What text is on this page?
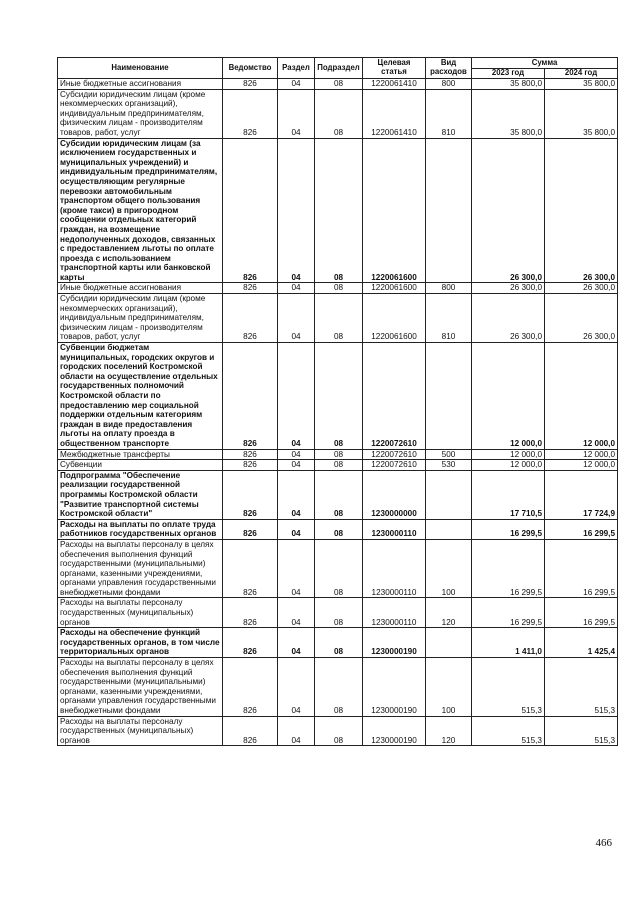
Наименование	Ведомство	Раздел	Подраздел	Целевая статья	Вид расходов	Сумма	
						2023 год	2024 год
Иные бюджетные ассигнования	826	04	08	1220061410	800	35 800,0	35 800,0
Субсидии юридическим лицам (кроме некоммерческих организаций), индивидуальным предпринимателям, физическим лицам - производителям товаров, работ, услуг	826	04	08	1220061410	810	35 800,0	35 800,0
Субсидии юридическим лицам (за исключением государственных и муниципальных учреждений) и индивидуальным предпринимателям, осуществляющим регулярные перевозки автомобильным транспортом общего пользования (кроме такси) в пригородном сообщении отдельных категорий граждан, на возмещение недополученных доходов, связанных с предоставлением льготы по оплате проезда с использованием транспортной карты или банковской карты	826	04	08	1220061600		26 300,0	26 300,0
Иные бюджетные ассигнования	826	04	08	1220061600	800	26 300,0	26 300,0
Субсидии юридическим лицам (кроме некоммерческих организаций), индивидуальным предпринимателям, физическим лицам - производителям товаров, работ, услуг	826	04	08	1220061600	810	26 300,0	26 300,0
Субвенции бюджетам муниципальных, городских округов и городских поселений Костромской области на осуществление отдельных государственных полномочий Костромской области по предоставлению мер социальной поддержки отдельным категориям граждан в виде предоставления льготы на оплату проезда в общественном транспорте	826	04	08	1220072610		12 000,0	12 000,0
Межбюджетные трансферты	826	04	08	1220072610	500	12 000,0	12 000,0
Субвенции	826	04	08	1220072610	530	12 000,0	12 000,0
Подпрограмма "Обеспечение реализации государственной программы Костромской области "Развитие транспортной системы Костромской области"	826	04	08	1230000000		17 710,5	17 724,9
Расходы на выплаты по оплате труда работников государственных органов	826	04	08	1230000110		16 299,5	16 299,5
Расходы на выплаты персоналу в целях обеспечения выполнения функций государственными (муниципальными) органами, казенными учреждениями, органами управления государственными внебюджетными фондами	826	04	08	1230000110	100	16 299,5	16 299,5
Расходы на выплаты персоналу государственных (муниципальных) органов	826	04	08	1230000110	120	16 299,5	16 299,5
Расходы на обеспечение функций государственных органов, в том числе территориальных органов	826	04	08	1230000190		1 411,0	1 425,4
Расходы на выплаты персоналу в целях обеспечения выполнения функций государственными (муниципальными) органами, казенными учреждениями, органами управления государственными внебюджетными фондами	826	04	08	1230000190	100	515,3	515,3
Расходы на выплаты персоналу государственных (муниципальных) органов	826	04	08	1230000190	120	515,3	515,3
466
